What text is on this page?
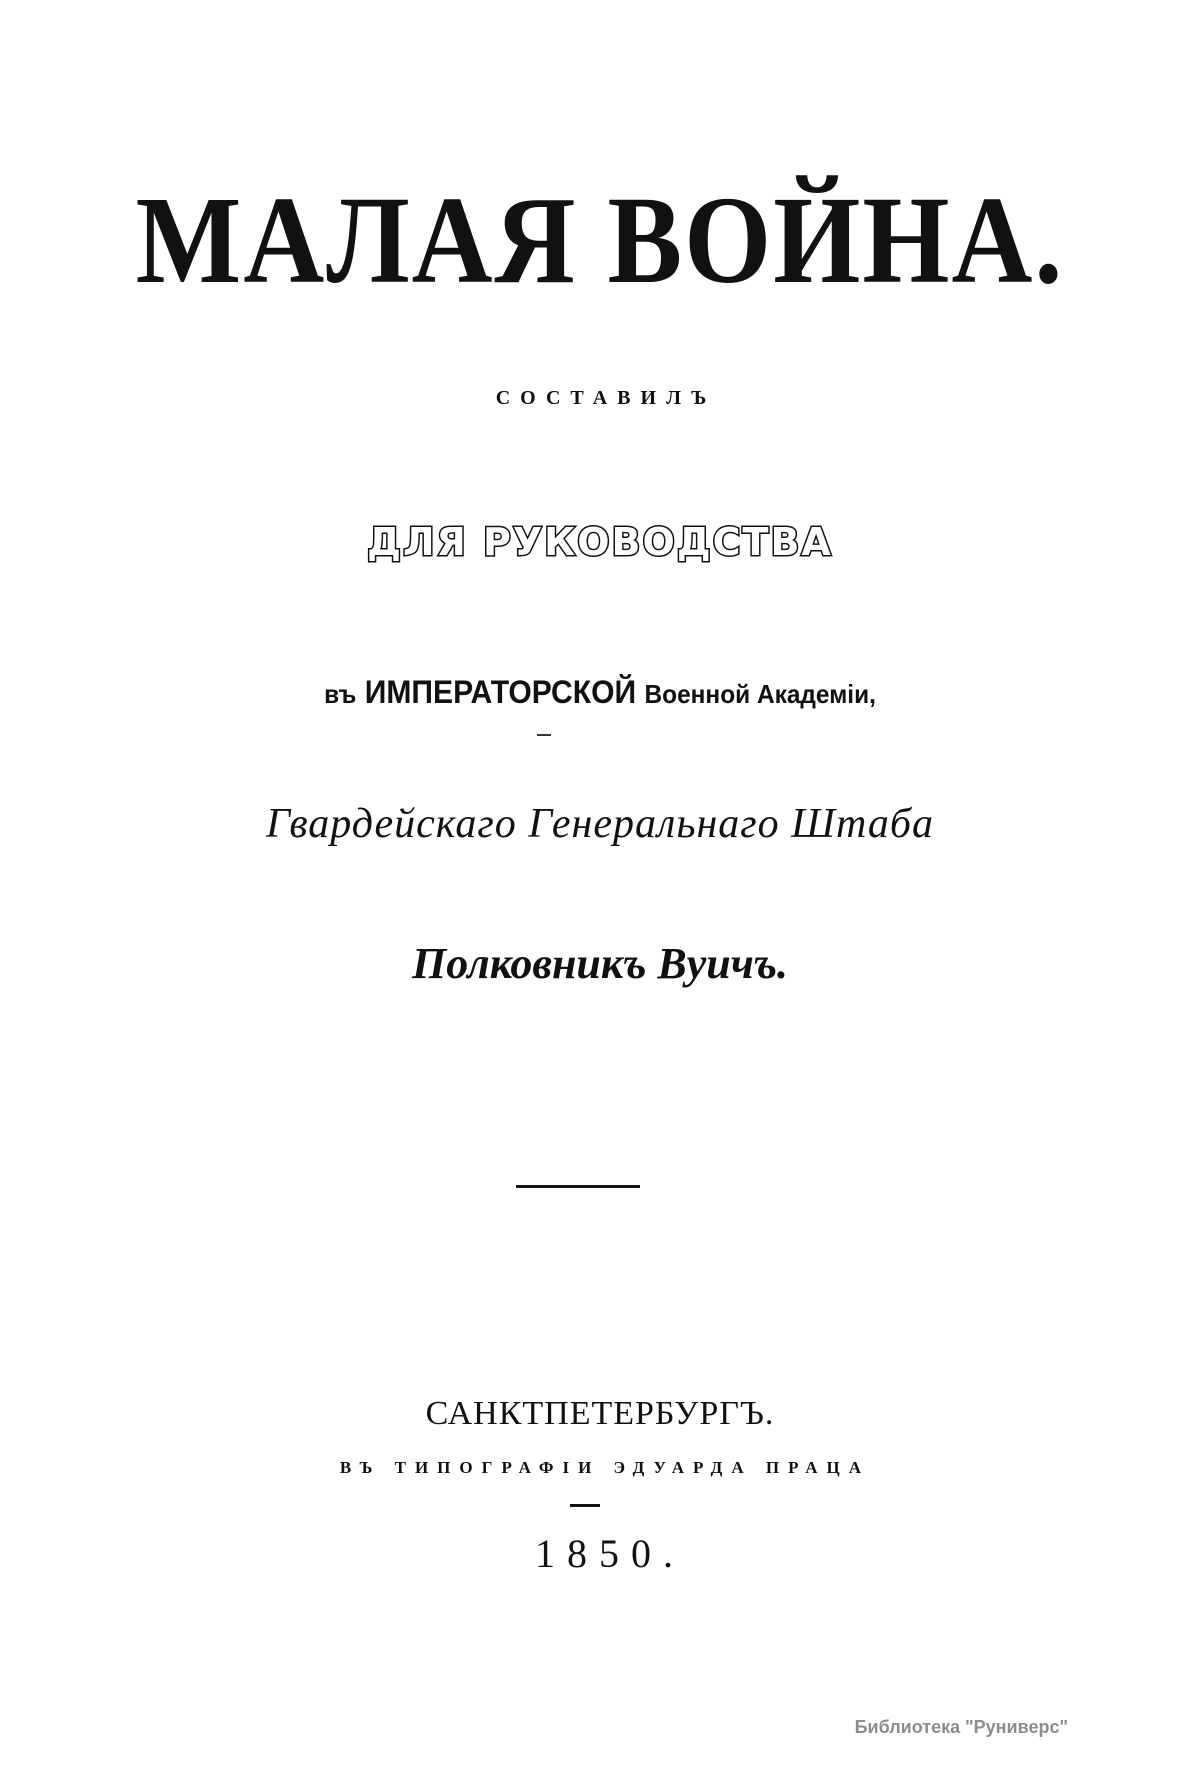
МАЛАЯ ВОЙНА.
СОСТАВИЛЪ
ДЛЯ РУКОВОДСТВА
въ ИМПЕРАТОРСКОЙ Военной Академіи,
Гвардейскаго Генеральнаго Штаба
Полковникъ Вуичъ.
САНКТПЕТЕРБУРГЪ.
ВЪ ТИПОГРАФІИ ЭДУАРДА ПРАЦА
1850.
Библиотека "Руниверс"
